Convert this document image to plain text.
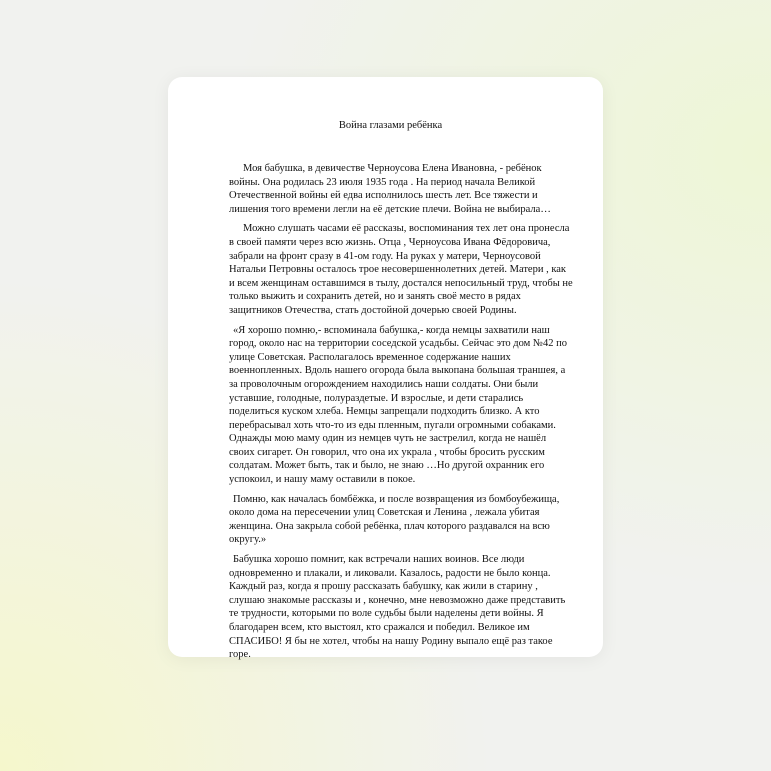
Война глазами ребёнка

Моя бабушка, в девичестве Черноусова Елена Ивановна, - ребёнок войны. Она родилась 23 июля 1935 года . На период начала Великой Отечественной войны ей едва исполнилось шесть лет. Все тяжести и лишения того времени легли на её детские плечи. Война не выбирала…

Можно слушать часами её рассказы, воспоминания тех лет она пронесла в своей памяти через всю жизнь. Отца , Черноусова Ивана Фёдоровича, забрали на фронт сразу в 41-ом году. На руках у матери, Черноусовой Натальи Петровны осталось трое несовершеннолетних детей. Матери , как и всем женщинам оставшимся в тылу, достался непосильный труд, чтобы не только выжить и сохранить детей, но и занять своё место в рядах защитников Отечества, стать достойной дочерью своей Родины.

«Я хорошо помню,- вспоминала бабушка,- когда немцы захватили наш город, около нас на территории соседской усадьбы. Сейчас это дом №42 по улице Советская. Располагалось временное содержание наших военнопленных. Вдоль нашего огорода была выкопана большая траншея, а за проволочным огорождением находились наши солдаты. Они были уставшие, голодные, полураздетые. И взрослые, и дети старались поделиться куском хлеба. Немцы запрещали подходить близко. А кто перебрасывал хоть что-то из еды пленным, пугали огромными собаками. Однажды мою маму один из немцев чуть не застрелил, когда не нашёл своих сигарет. Он говорил, что она их украла , чтобы бросить русским солдатам. Может быть, так и было, не знаю …Но другой охранник его успокоил, и нашу маму оставили в покое.

Помню, как началась бомбёжка, и после возвращения из бомбоубежища, около дома на пересечении улиц Советская и Ленина , лежала убитая женщина. Она закрыла собой ребёнка, плач которого раздавался на всю округу.»

Бабушка хорошо помнит, как встречали наших воинов. Все люди одновременно и плакали, и ликовали. Казалось, радости не было конца. Каждый раз, когда я прошу рассказать бабушку, как жили в старину , слушаю знакомые рассказы и , конечно, мне невозможно даже представить те трудности, которыми по воле судьбы были наделены дети войны. Я благодарен всем, кто выстоял, кто сражался и победил. Великое им СПАСИБО! Я бы не хотел, чтобы на нашу Родину выпало ещё раз такое горе.
